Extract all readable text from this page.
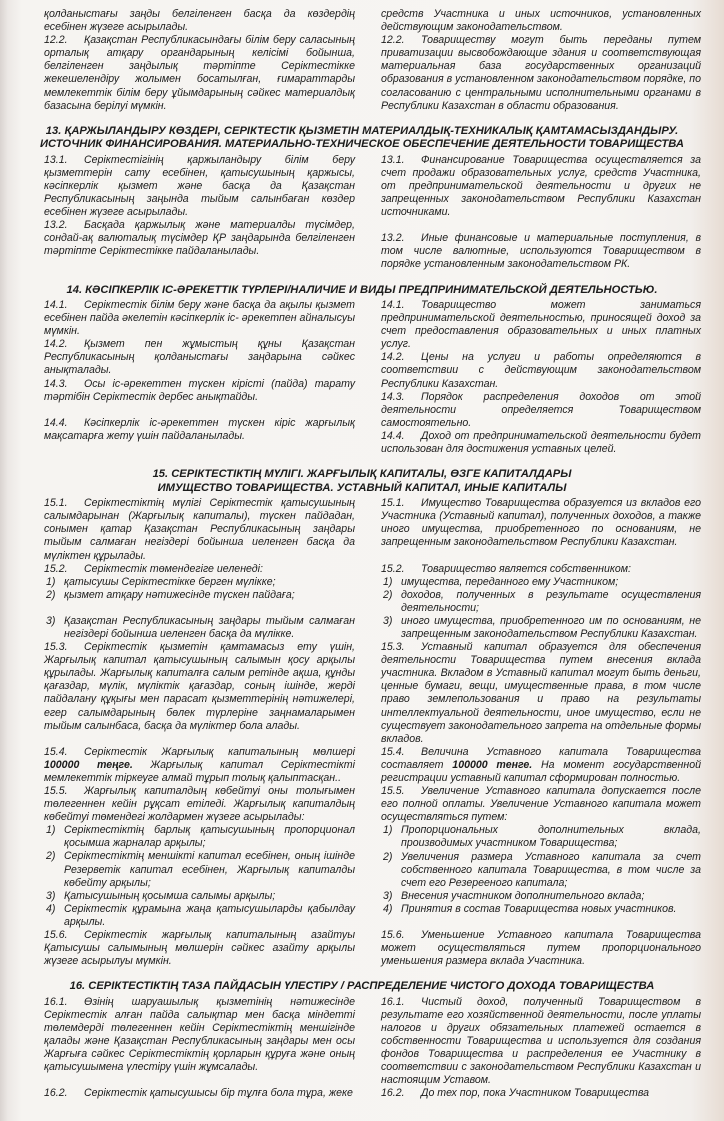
қолданыстағы заңды белгіленген басқа да көздердің есебінен жүзеге асырылады.

12.2. Қазақстан Республикасындағы білім беру саласының орталық атқару органдарының келісімі бойынша, белгіленген заңдылық тәртіпте Серіктестікке жекешелендіру жолымен босатылған, ғимараттарды мемлекеттік білім беру ұйымдарының сәйкес материалдық базасына берілуі мүмкін.

средств Участника и иных источников, установленных действующим законодательством.

12.2. Товариществу могут быть переданы путем приватизации высвобождающие здания и соответствующая материальная база государственных организаций образования в установленном законодательством порядке, по согласованию с центральными исполнительными органами в Республики Казахстан в области образования.

13. ҚАРЖЫЛАНДЫРУ КӨЗДЕРІ, СЕРІКТЕСТІК ҚЫЗМЕТІН МАТЕРИАЛДЫҚ-ТЕХНИКАЛЫҚ ҚАМТАМАСЫЗДАНДЫРУ.
ИСТОЧНИК ФИНАНСИРОВАНИЯ. МАТЕРИАЛЬНО-ТЕХНИЧЕСКОЕ ОБЕСПЕЧЕНИЕ ДЕЯТЕЛЬНОСТИ ТОВАРИЩЕСТВА

13.1. Серіктестігінің қаржыландыру білім беру қызметтерін сату есебінен, қатысушының қаржысы, кәсіпкерлік қызмет және басқа да Қазақстан Республикасының заңында тыйым салынбаған көздер есебінен жүзеге асырылады.

13.2. Басқада қаржылық және материалды түсімдер, сондай-ақ валюталық түсімдер ҚР заңдарында белгіленген тәртіпте Серіктестікке пайдаланылады.

13.1. Финансирование Товарищества осуществляется за счет продажи образовательных услуг, средств Участника, от предпринимательской деятельности и других не запрещенных законодательством Республики Казахстан источниками.

13.2. Иные финансовые и материальные поступления, в том числе валютные, используются Товариществом в порядке установленным законодательством РК.

14. КӘСІПКЕРЛІК ІС-ӘРЕКЕТТІК ТҮРЛЕРІ/НАЛИЧИЕ И ВИДЫ ПРЕДПРИНИМАТЕЛЬСКОЙ ДЕЯТЕЛЬНОСТЬЮ.

14.1. Серіктестік білім беру және басқа да ақылы қызмет есебінен пайда әкелетін кәсіпкерлік іс- әрекетпен айналысуы мүмкін.

14.2. Қызмет пен жұмыстың құны Қазақстан Республикасының қолданыстағы заңдарына сәйкес анықталады.

14.3. Осы іс-әрекеттен түскен кірісті (пайда) тарату тәртібін Серіктестік дербес анықтайды.

14.4. Кәсіпкерлік іс-әрекеттен түскен кіріс жарғылық мақсатарға жету үшін пайдаланылады.

14.1. Товарищество может заниматься предпринимательской деятельностью, приносящей доход за счет предоставления образовательных и иных платных услуг.

14.2. Цены на услуги и работы определяются в соответствии с действующим законодательством Республики Казахстан.

14.3. Порядок распределения доходов от этой деятельности определяется Товариществом самостоятельно.

14.4. Доход от предпринимательской деятельности будет использован для достижения уставных целей.

15. СЕРІКТЕСТІКТІҢ МҮЛІГІ. ЖАРҒЫЛЫҚ КАПИТАЛЫ, ӨЗГЕ КАПИТАЛДАРЫ
ИМУЩЕСТВО ТОВАРИЩЕСТВА. УСТАВНЫЙ КАПИТАЛ, ИНЫЕ КАПИТАЛЫ

15.1. Серіктестіктің мүлігі Серіктестік қатысушының салымдарынан (Жарғылық капиталы), түскен пайдадан, сонымен қатар Қазақстан Республикасының заңдары тыйым салмаған негіздері бойынша иеленген басқа да мүліктен құрылады.

15.2. Серіктестік төмендегіге иеленеді:

1) қатысушы Серіктестікке берген мүлікке;

2) қызмет атқару нәтижесінде түскен пайдаға;

3) Қазақстан Республикасының заңдары тыйым салмаған негіздері бойынша иеленген басқа да мүлікке.

15.3. Серіктестік қызметін қамтамасыз ету үшін, Жарғылық капитал қатысушының салымын қосу арқылы құрылады. Жарғылық капиталға салым ретінде ақша, құнды қағаздар, мүлік, мүліктік қағаздар, соның ішінде, жерді пайдалану құқығы мен парасат қызметтерінің нәтижелері, егер салымдарының бөлек түрлеріне заңнамаларымен тыйым салынбаса, басқа да мүліктер бола алады.

15.4. Серіктестік Жарғылық капиталының мөлшері 100000 теңге. Жарғылық капитал Серіктестікті мемлекеттік тіркеуге алмай тұрып толық қалыптасқан..

15.5. Жарғылық капиталдың көбейтуі оны толығымен төлегеннен кейін рұқсат етіледі. Жарғылық капиталдың көбейтуі төмендегі жолдармен жүзеге асырылады:

1) Серіктестіктің барлық қатысушының пропорционал қосымша жарналар арқылы;

2) Серіктестіктің меншікті капитал есебінен, оның ішінде Резерветік капитал есебінен, Жарғылық капиталды көбейту арқылы;

3) Қатысушының қосымша салымы арқылы;

4) Серіктестік құрамына жаңа қатысушыларды қабылдау арқылы.

15.6. Серіктестік жарғылық капиталының азайтуы Қатысушы салымының мөлшерін сәйкес азайту арқылы жүзеге асырылуы мүмкін.

15.1. Имущество Товарищества образуется из вкладов его Участника (Уставный капитал), полученных доходов, а также иного имущества, приобретенного по основаниям, не запрещенным законодательством Республики Казахстан.

15.2. Товарищество является собственником:

1) имущества, переданного ему Участником;

2) доходов, полученных в результате осуществления деятельности;

3) иного имущества, приобретенного им по основаниям, не запрещенным законодательством Республики Казахстан.

15.3. Уставный капитал образуется для обеспечения деятельности Товарищества путем внесения вклада участника. Вкладом в Уставный капитал могут быть деньги, ценные бумаги, вещи, имущественные права, в том числе право землепользования и право на результаты интеллектуальной деятельности, иное имущество, если не существует законодательного запрета на отдельные формы вкладов.

15.4. Величина Уставного капитала Товарищества составляет 100000 тенге. На момент государственной регистрации уставный капитал сформирован полностью.

15.5. Увеличение Уставного капитала допускается после его полной оплаты. Увеличение Уставного капитала может осуществляться путем:

1) Пропорциональных дополнительных вклада, производимых участником Товарищества;

2) Увеличения размера Уставного капитала за счет собственного капитала Товарищества, в том числе за счет его Резерееного капитала;

3) Внесения участником дополнительного вклада;

4) Принятия в состав Товарищества новых участников.

15.6. Уменьшение Уставного капитала Товарищества может осуществляться путем пропорционального уменьшения размера вклада Участника.

16. СЕРІКТЕСТІКТІҢ ТАЗА ПАЙДАСЫН ҮЛЕСТІРУ / РАСПРЕДЕЛЕНИЕ ЧИСТОГО ДОХОДА ТОВАРИЩЕСТВА

16.1. Өзінің шаруашылық қызметінің нәтижесінде Серіктестік алған пайда салықтар мен басқа міндетті төлемдерді төлегеннен кейін Серіктестіктің меншігінде қалады және Қазақстан Республикасының заңдары мен осы Жарғыға сәйкес Серіктестіктің қорларын құруға және оның қатысушымена үлестіру үшін жұмсалады.

16.2. Серіктестік қатысушысы бір тұлға бола тұра, жеке

16.1. Чистый доход, полученный Товариществом в результате его хозяйственной деятельности, после уплаты налогов и других обязательных платежей остается в собственности Товарищества и используется для создания фондов Товарищества и распределения ее Участнику в соответствии с законодательством Республики Казахстан и настоящим Уставом.

16.2. До тех пор, пока Участником Товарищества
